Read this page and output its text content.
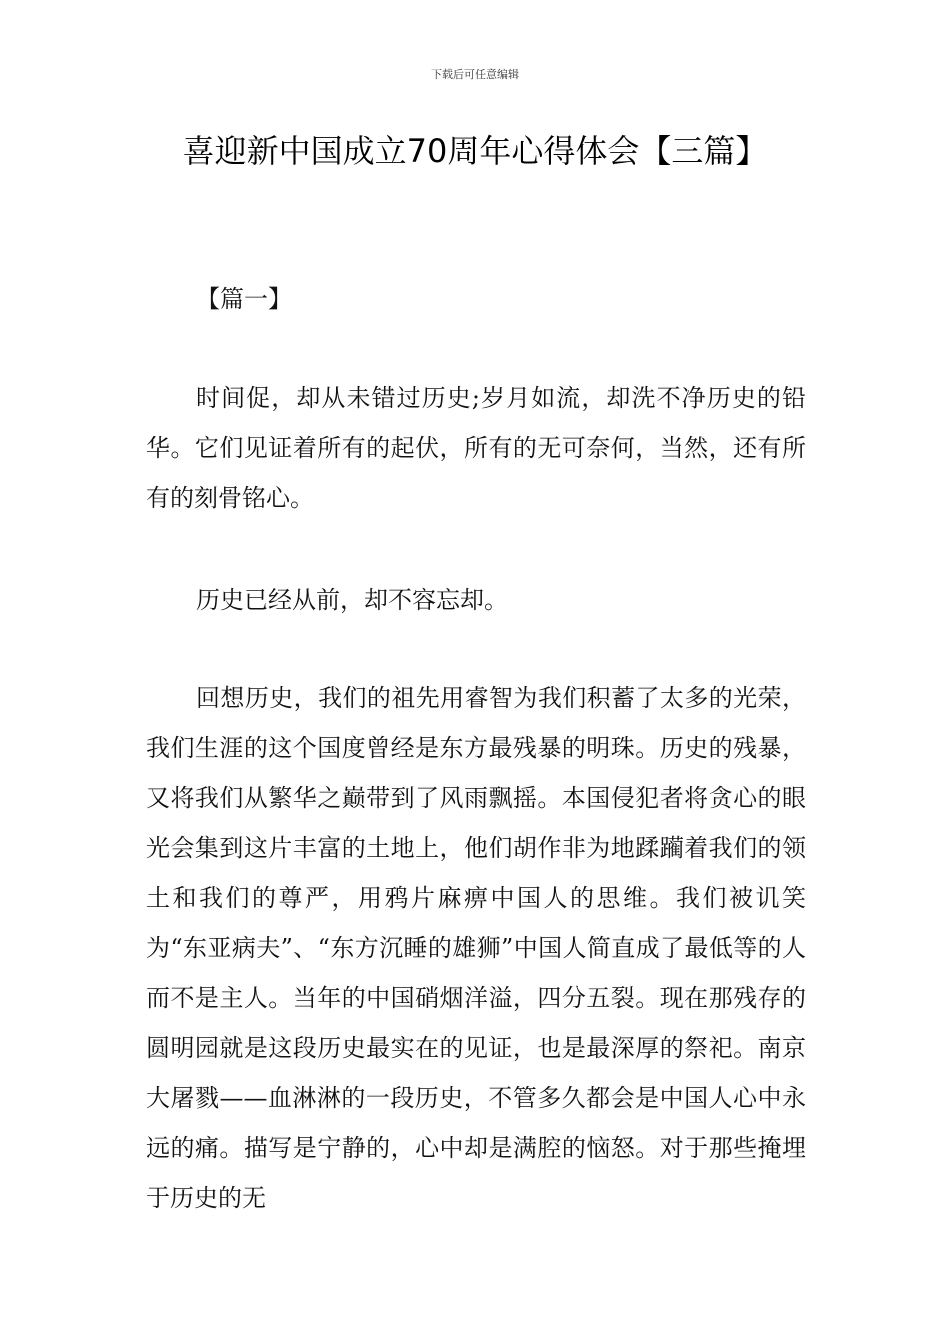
下载后可任意编辑
喜迎新中国成立70周年心得体会【三篇】
【篇一】

时间促，却从未错过历史;岁月如流，却洗不净历史的铅华。它们见证着所有的起伏，所有的无可奈何，当然，还有所有的刻骨铭心。

历史已经从前，却不容忘却。

回想历史，我们的祖先用睿智为我们积蓄了太多的光荣，我们生涯的这个国度曾经是东方最残暴的明珠。历史的残暴，又将我们从繁华之巅带到了风雨飘摇。本国侵犯者将贪心的眼光会集到这片丰富的土地上，他们胡作非为地蹂躏着我们的领土和我们的尊严，用鸦片麻痹中国人的思维。我们被讥笑为“东亚病夫”、“东方沉睡的雄狮”中国人简直成了最低等的人而不是主人。当年的中国硝烟洋溢，四分五裂。现在那残存的圆明园就是这段历史最实在的见证，也是最深厚的祭祀。南京大屠戮——血淋淋的一段历史，不管多久都会是中国人心中永远的痛。描写是宁静的，心中却是满腔的恼怒。对于那些掩埋于历史的无
